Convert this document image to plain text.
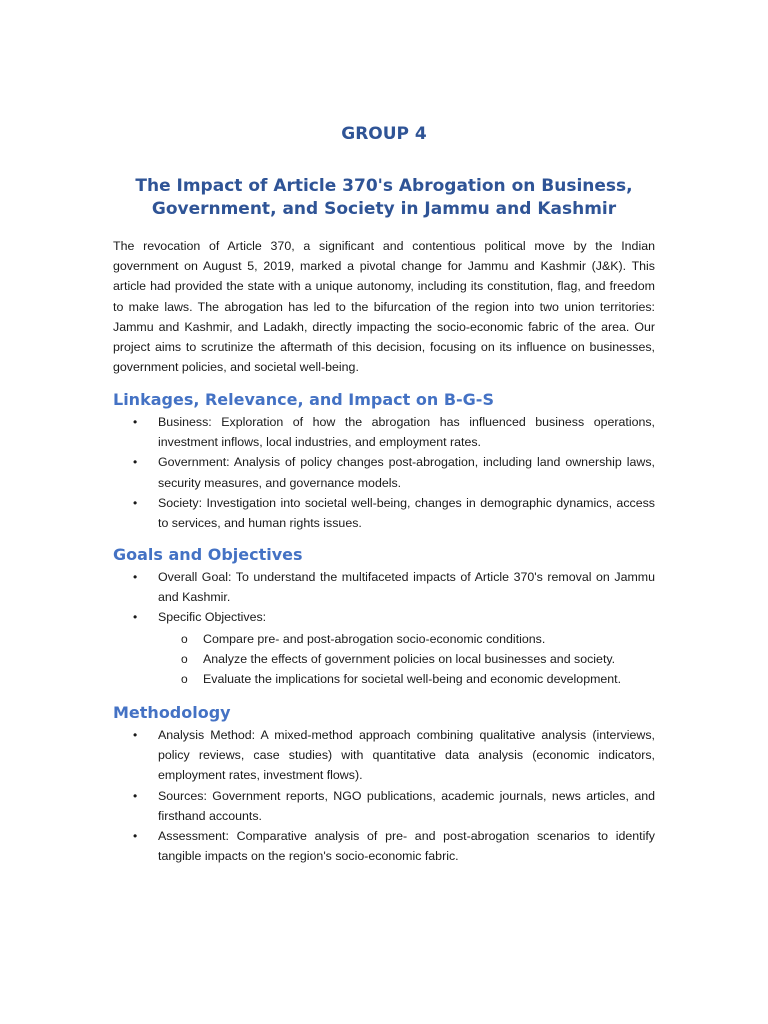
GROUP 4
The Impact of Article 370's Abrogation on Business,
Government, and Society in Jammu and Kashmir

The revocation of Article 370, a significant and contentious political move by the Indian government on August 5, 2019, marked a pivotal change for Jammu and Kashmir (J&K). This article had provided the state with a unique autonomy, including its constitution, flag, and freedom to make laws. The abrogation has led to the bifurcation of the region into two union territories: Jammu and Kashmir, and Ladakh, directly impacting the socio-economic fabric of the area. Our project aims to scrutinize the aftermath of this decision, focusing on its influence on businesses, government policies, and societal well-being.

Linkages, Relevance, and Impact on B-G-S
• Business: Exploration of how the abrogation has influenced business operations, investment inflows, local industries, and employment rates.
• Government: Analysis of policy changes post-abrogation, including land ownership laws, security measures, and governance models.
• Society: Investigation into societal well-being, changes in demographic dynamics, access to services, and human rights issues.
Goals and Objectives
• Overall Goal: To understand the multifaceted impacts of Article 370's removal on Jammu and Kashmir.
• Specific Objectives:
o Compare pre- and post-abrogation socio-economic conditions.
o Analyze the effects of government policies on local businesses and society.
o Evaluate the implications for societal well-being and economic development.
Methodology
• Analysis Method: A mixed-method approach combining qualitative analysis (interviews, policy reviews, case studies) with quantitative data analysis (economic indicators, employment rates, investment flows).
• Sources: Government reports, NGO publications, academic journals, news articles, and firsthand accounts.
• Assessment: Comparative analysis of pre- and post-abrogation scenarios to identify tangible impacts on the region's socio-economic fabric.
